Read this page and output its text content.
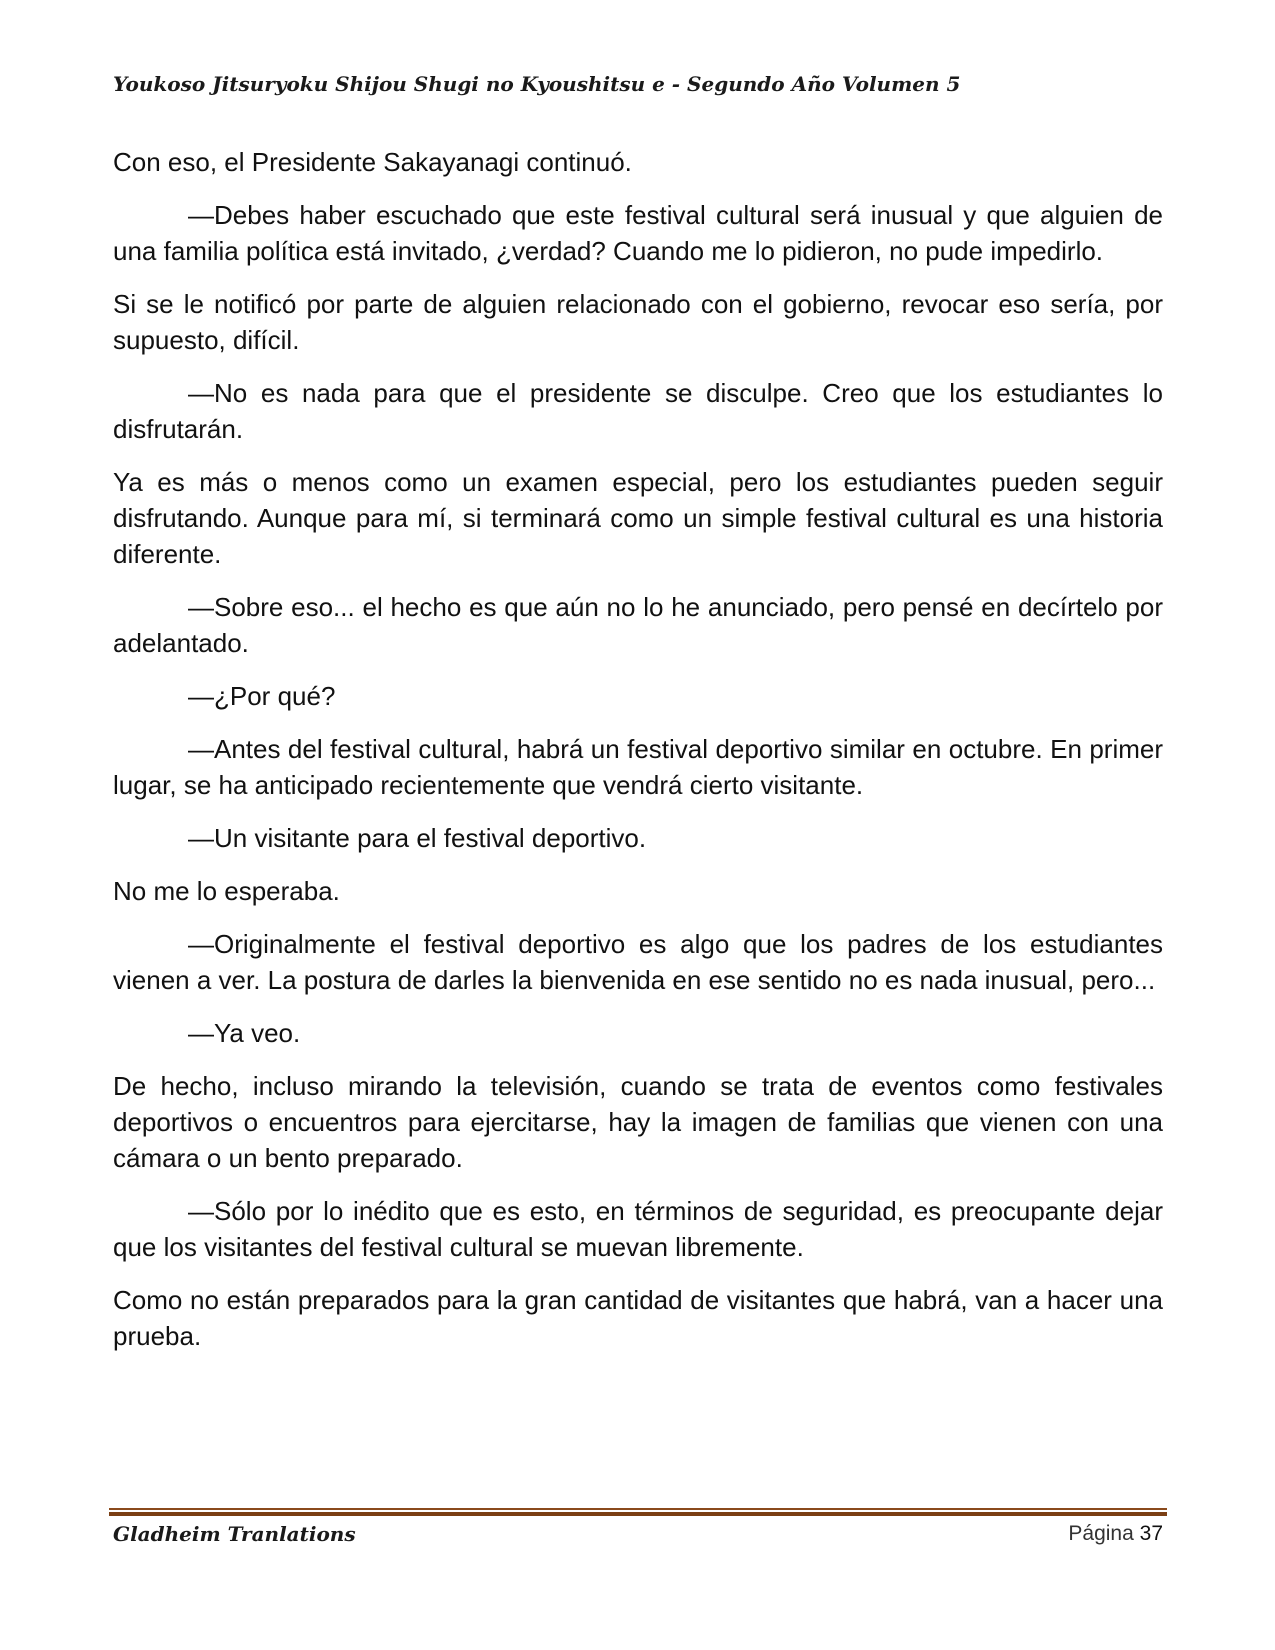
Youkoso Jitsuryoku Shijou Shugi no Kyoushitsu e - Segundo Año Volumen 5

Con eso, el Presidente Sakayanagi continuó.

—Debes haber escuchado que este festival cultural será inusual y que alguien de una familia política está invitado, ¿verdad? Cuando me lo pidieron, no pude impedirlo.

Si se le notificó por parte de alguien relacionado con el gobierno, revocar eso sería, por supuesto, difícil.

—No es nada para que el presidente se disculpe. Creo que los estudiantes lo disfrutarán.

Ya es más o menos como un examen especial, pero los estudiantes pueden seguir disfrutando. Aunque para mí, si terminará como un simple festival cultural es una historia diferente.

—Sobre eso... el hecho es que aún no lo he anunciado, pero pensé en decírtelo por adelantado.

—¿Por qué?

—Antes del festival cultural, habrá un festival deportivo similar en octubre. En primer lugar, se ha anticipado recientemente que vendrá cierto visitante.

—Un visitante para el festival deportivo.

No me lo esperaba.

—Originalmente el festival deportivo es algo que los padres de los estudiantes vienen a ver. La postura de darles la bienvenida en ese sentido no es nada inusual, pero...

—Ya veo.

De hecho, incluso mirando la televisión, cuando se trata de eventos como festivales deportivos o encuentros para ejercitarse, hay la imagen de familias que vienen con una cámara o un bento preparado.

—Sólo por lo inédito que es esto, en términos de seguridad, es preocupante dejar que los visitantes del festival cultural se muevan libremente.

Como no están preparados para la gran cantidad de visitantes que habrá, van a hacer una prueba.

Gladheim Tranlations	Página 37
